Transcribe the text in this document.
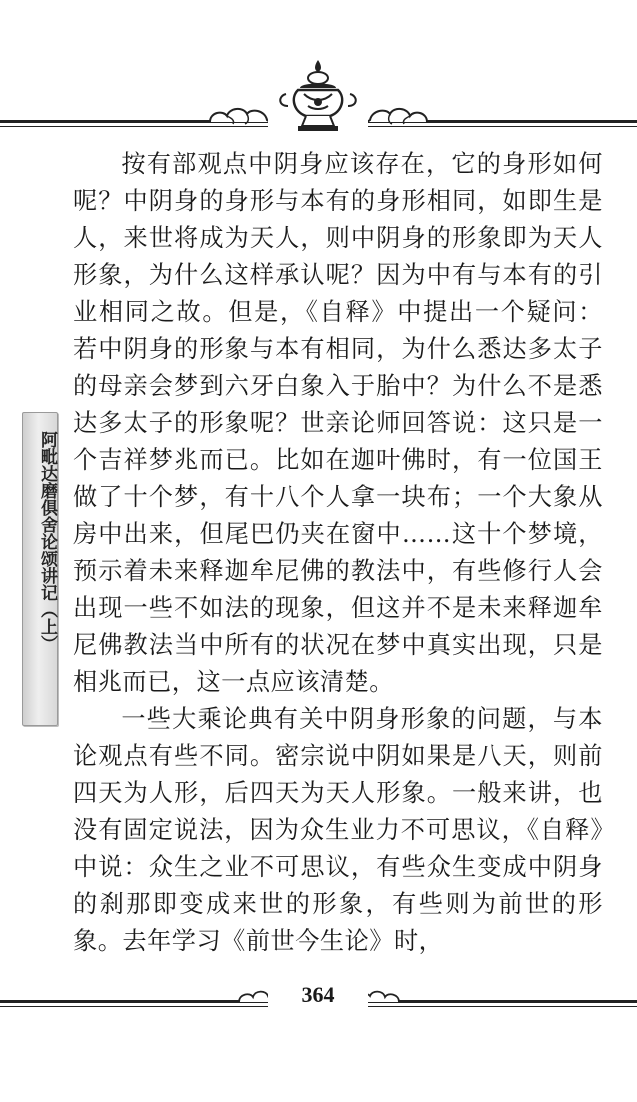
阿毗达磨俱舍论颂讲记（上）

按有部观点中阴身应该存在，它的身形如何呢？中阴身的身形与本有的身形相同，如即生是人，来世将成为天人，则中阴身的形象即为天人形象，为什么这样承认呢？因为中有与本有的引业相同之故。但是，《自释》中提出一个疑问：若中阴身的形象与本有相同，为什么悉达多太子的母亲会梦到六牙白象入于胎中？为什么不是悉达多太子的形象呢？世亲论师回答说：这只是一个吉祥梦兆而已。比如在迦叶佛时，有一位国王做了十个梦，有十八个人拿一块布；一个大象从房中出来，但尾巴仍夹在窗中……这十个梦境，预示着未来释迦牟尼佛的教法中，有些修行人会出现一些不如法的现象，但这并不是未来释迦牟尼佛教法当中所有的状况在梦中真实出现，只是相兆而已，这一点应该清楚。

一些大乘论典有关中阴身形象的问题，与本论观点有些不同。密宗说中阴如果是八天，则前四天为人形，后四天为天人形象。一般来讲，也没有固定说法，因为众生业力不可思议，《自释》中说：众生之业不可思议，有些众生变成中阴身的刹那即变成来世的形象，有些则为前世的形象。去年学习《前世今生论》时，

364
